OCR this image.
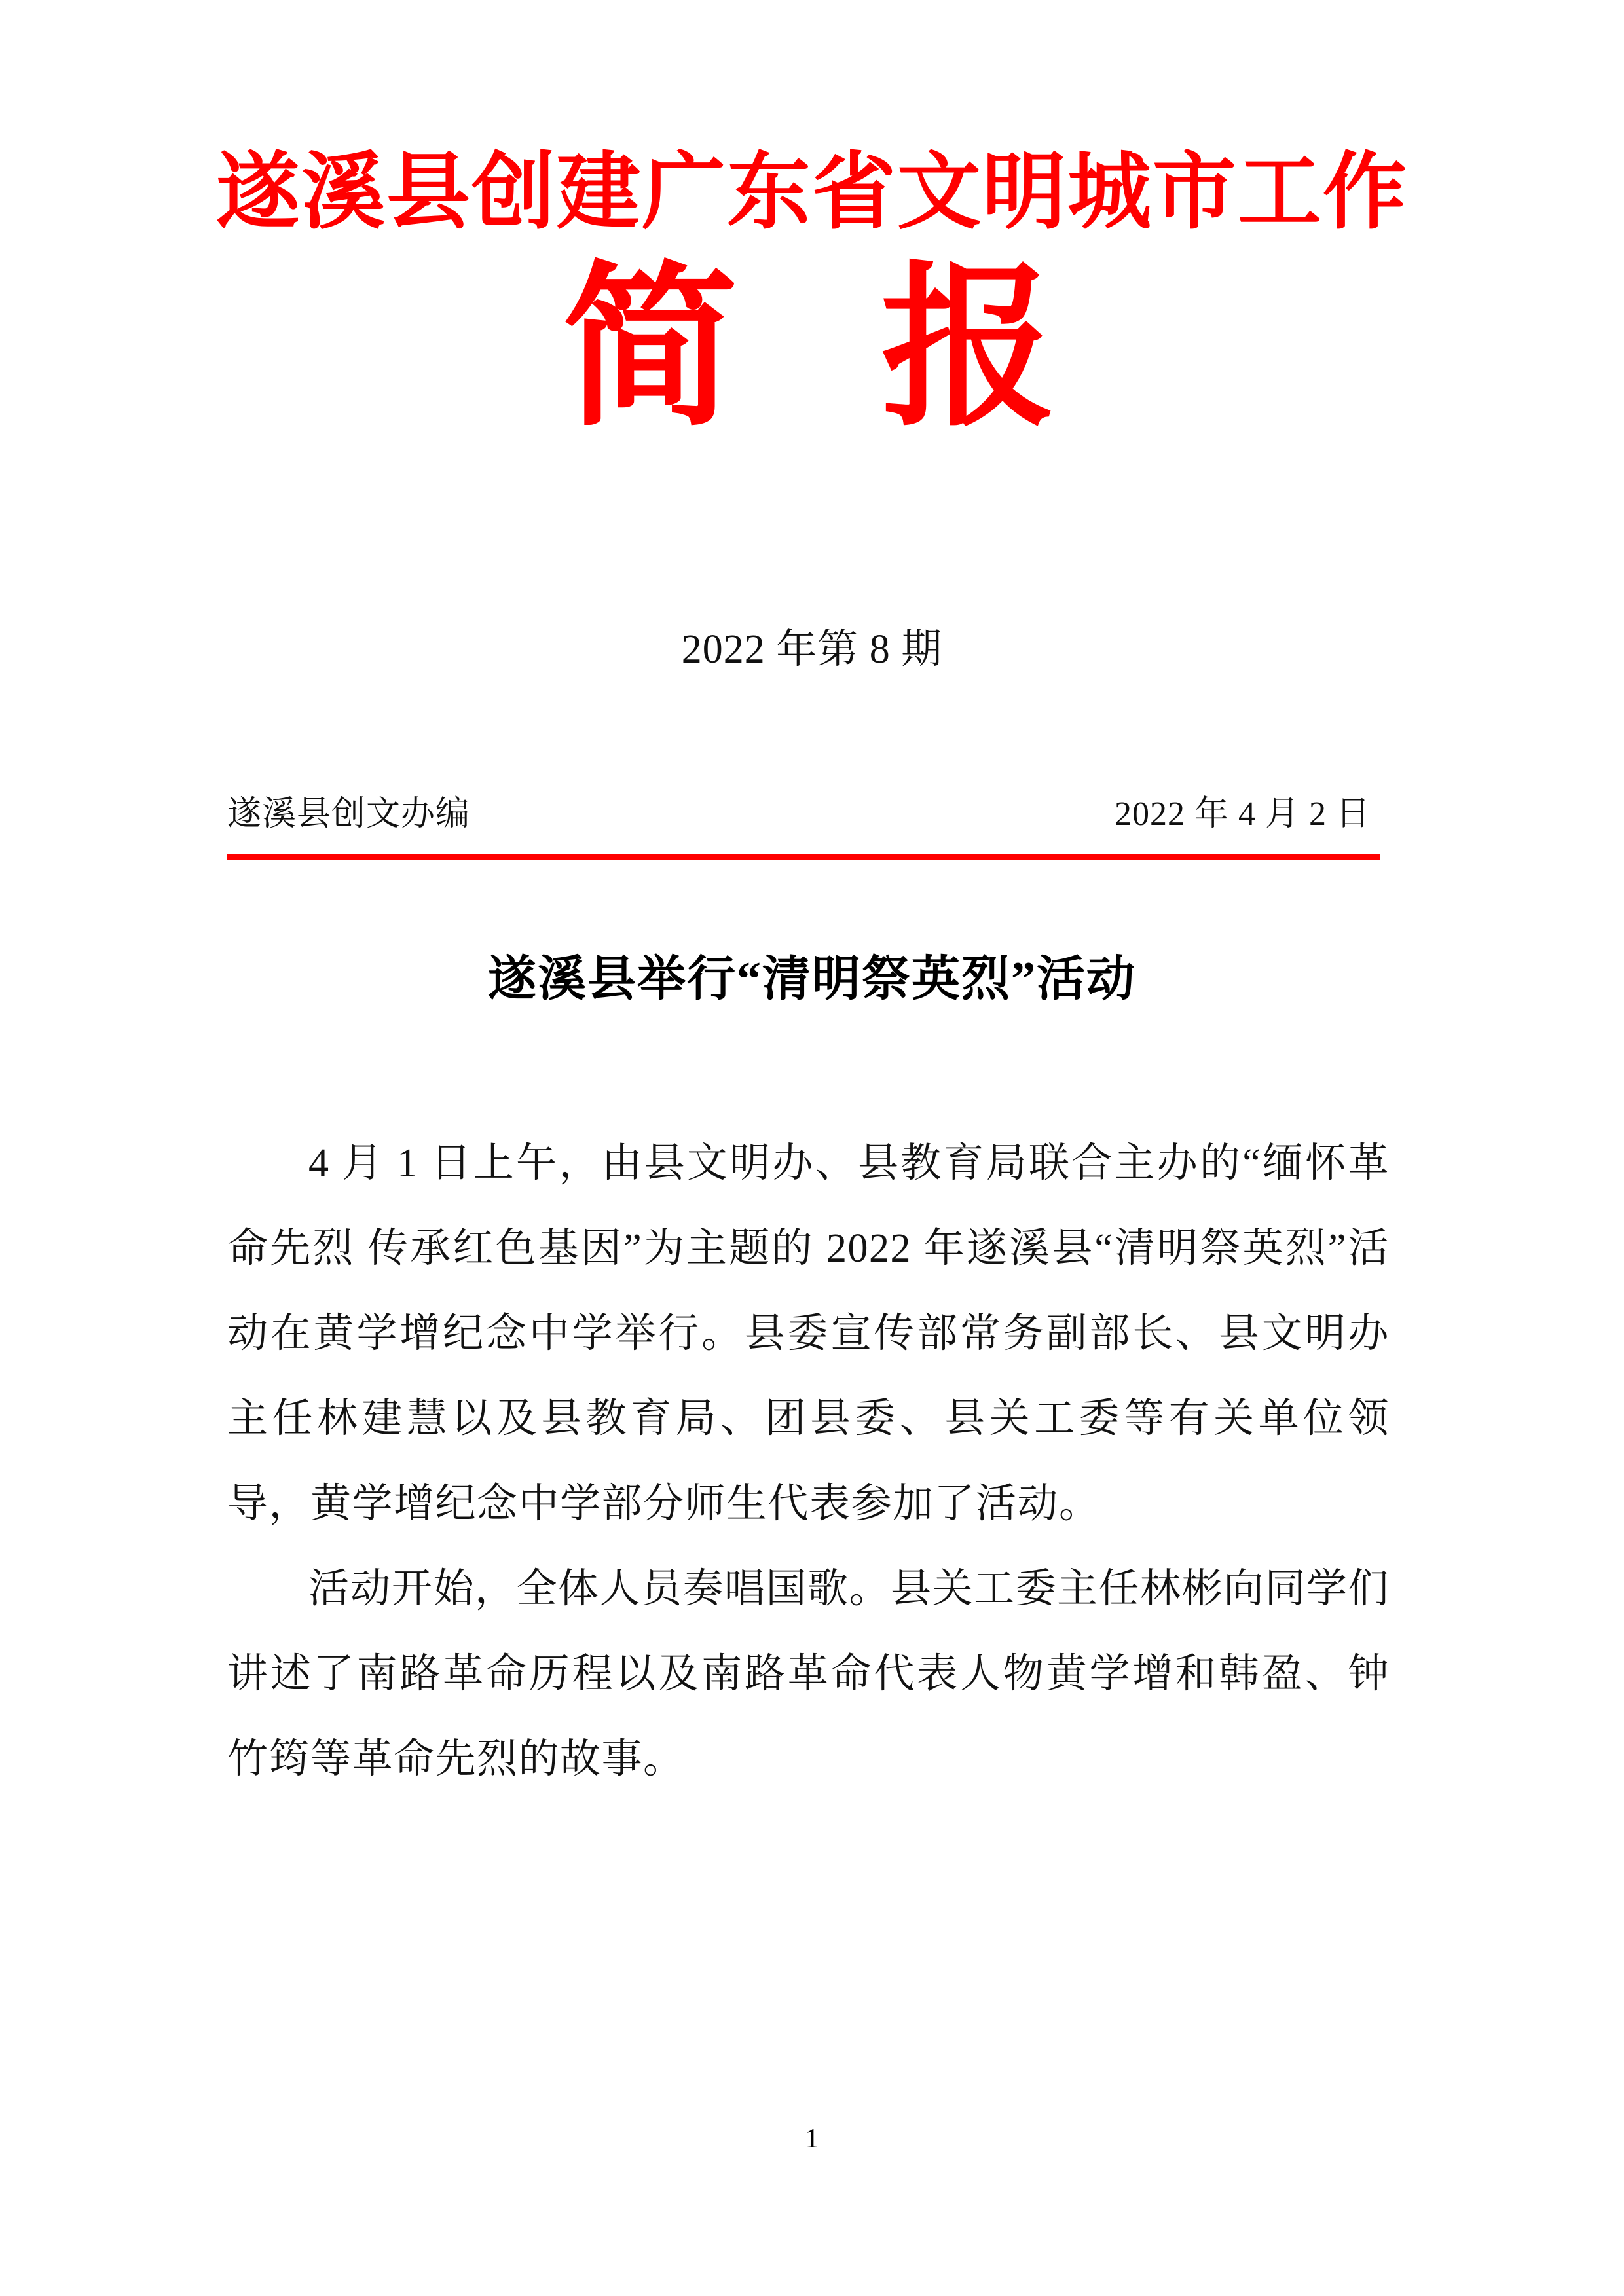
遂溪县创建广东省文明城市工作
简 报
2022 年第 8 期
遂溪县创文办编	2022 年 4 月 2 日
遂溪县举行“清明祭英烈”活动

4 月 1 日上午，由县文明办、县教育局联合主办的“缅怀革命先烈 传承红色基因”为主题的 2022 年遂溪县“清明祭英烈”活动在黄学增纪念中学举行。县委宣传部常务副部长、县文明办主任林建慧以及县教育局、团县委、县关工委等有关单位领导，黄学增纪念中学部分师生代表参加了活动。

活动开始，全体人员奏唱国歌。县关工委主任林彬向同学们讲述了南路革命历程以及南路革命代表人物黄学增和韩盈、钟竹筠等革命先烈的故事。

1
